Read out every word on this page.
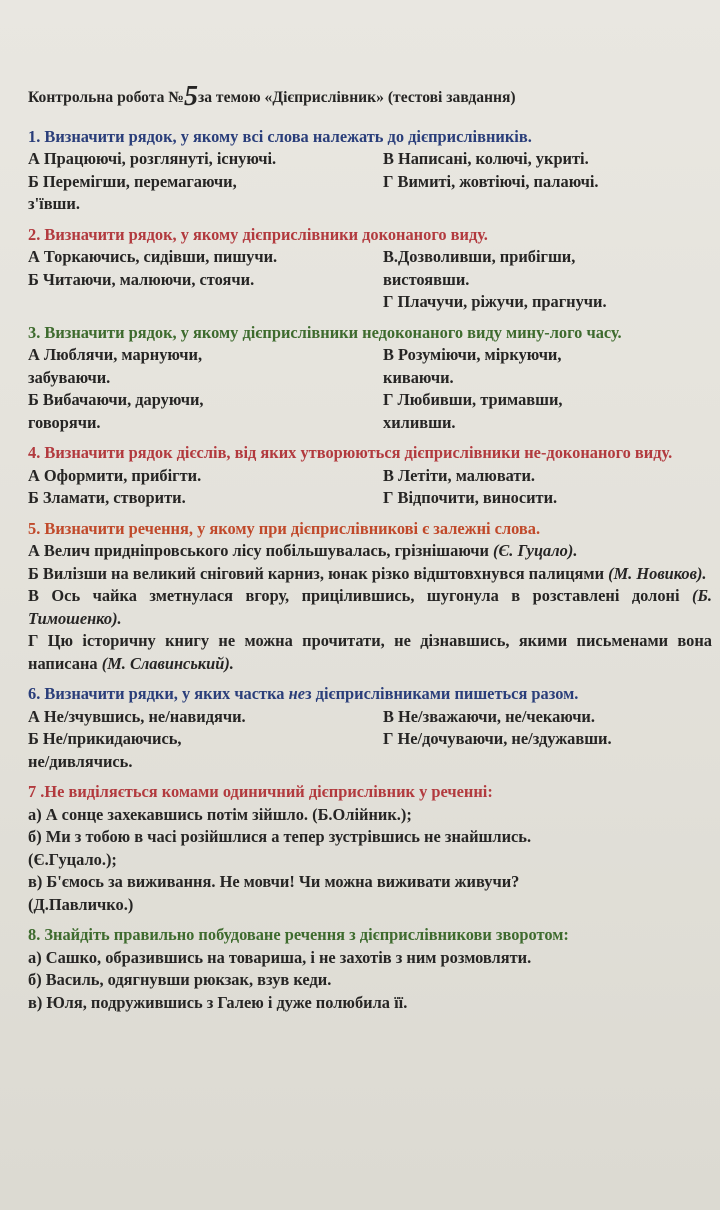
Контрольна робота №5за темою «Дієприслівник» (тестові завдання)
1. Визначити рядок, у якому всі слова належать до дієприслівників.
А Працюючі, розглянуті, існуючі.	В Написані, колючі, укриті.
Б Перемігши, перемагаючи,	Г Вимиті, жовтіючі, палаючі.
з'ївши.
2. Визначити рядок, у якому дієприслівники доконаного виду.
А Торкаючись, сидівши, пишучи.	В.Дозволивши, прибігши,
Б Читаючи, малюючи, стоячи.	вистоявши.
Г Плачучи, ріжучи, прагнучи.
3. Визначити рядок, у якому дієприслівники недоконаного виду мину-лого часу.
А Люблячи, марнуючи,	В Розуміючи, міркуючи,
забуваючи.	киваючи.
Б Вибачаючи, даруючи,	Г Любивши, тримавши,
говорячи.	хиливши.
4. Визначити рядок дієслів, від яких утворюються дієприслівники не-доконаного виду.
А Оформити, прибігти.	В Летіти, малювати.
Б Зламати, створити.	Г Відпочити, виносити.
5. Визначити речення, у якому при дієприслівникові є залежні слова.
А Велич придніпровського лісу побільшувалась, грізнішаючи (Є. Гуцало).
Б Вилізши на великий сніговий карниз, юнак різко відштовхнувся палицями (М. Новиков).
В Ось чайка зметнулася вгору, прицілившись, шугонула в розставлені долоні (Б. Тимошенко).
Г Цю історичну книгу не можна прочитати, не дізнавшись, якими письменами вона написана (М. Славинський).
6. Визначити рядки, у яких частка нез дієприслівниками пишеться разом.
А Не/зчувшись, не/навидячи.	В Не/зважаючи, не/чекаючи.
Б Не/прикидаючись,	Г Не/дочуваючи, не/здужавши.
не/дивлячись.
7 .Не виділяється комами одиничний дієприслівник у реченні:
а) А сонце захекавшись потім зійшло. (Б.Олійник.);
б) Ми з тобою в часі розійшлися а тепер зустрівшись не знайшлись.
(Є.Гуцало.);
в) Б'ємось за виживання. Не мовчи! Чи можна виживати живучи?
(Д.Павличко.)
8. Знайдіть правильно побудоване речення з дієприслівникови зворотом:
а) Сашко, образившись на товариша, і не захотів з ним розмовляти.
б) Василь, одягнувши рюкзак, взув кеди.
в) Юля, подружившись з Галею і дуже полюбила її.
